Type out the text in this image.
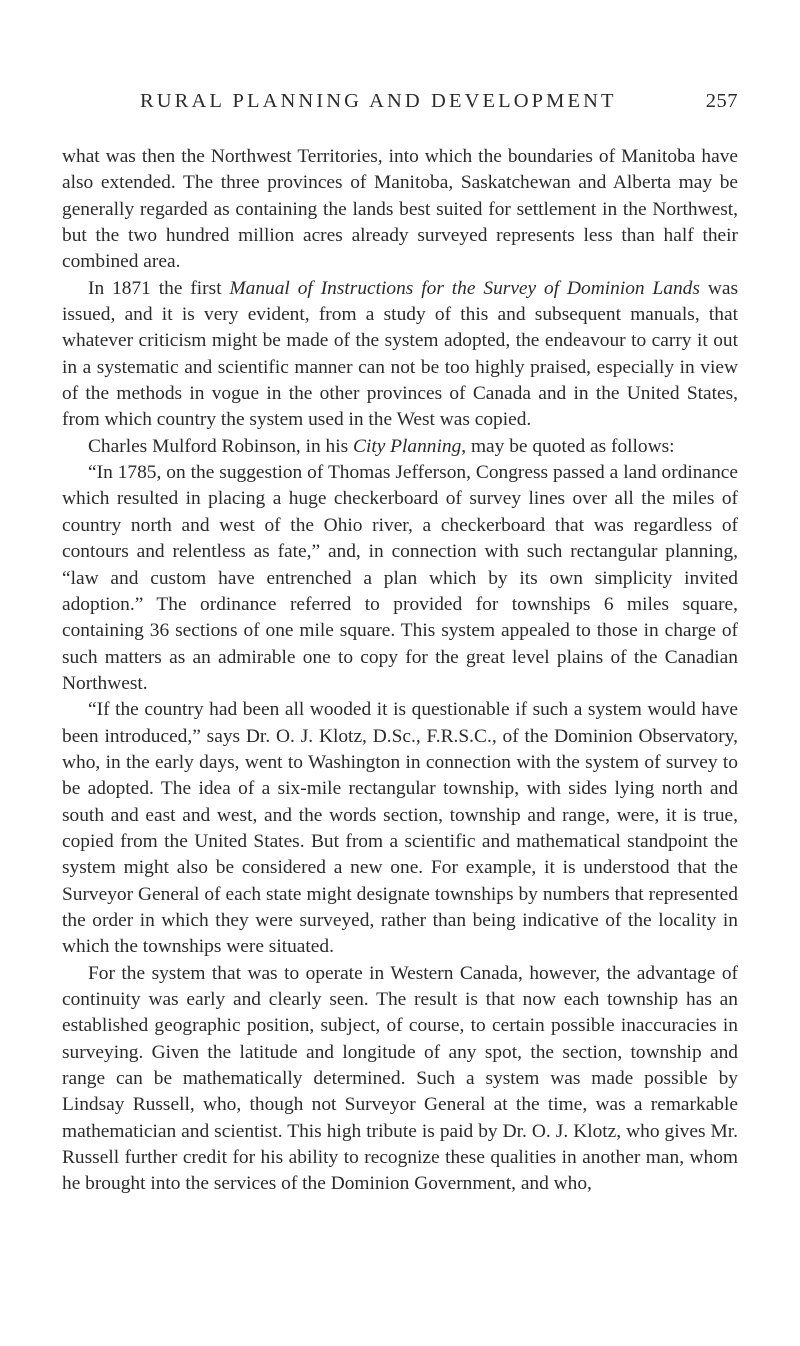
RURAL PLANNING AND DEVELOPMENT	257

what was then the Northwest Territories, into which the boundaries of Manitoba have also extended. The three provinces of Manitoba, Saskatchewan and Alberta may be generally regarded as containing the lands best suited for settlement in the Northwest, but the two hundred million acres already surveyed represents less than half their combined area.

In 1871 the first Manual of Instructions for the Survey of Dominion Lands was issued, and it is very evident, from a study of this and subsequent manuals, that whatever criticism might be made of the system adopted, the endeavour to carry it out in a systematic and scientific manner can not be too highly praised, especially in view of the methods in vogue in the other provinces of Canada and in the United States, from which country the system used in the West was copied.

Charles Mulford Robinson, in his City Planning, may be quoted as follows:

“In 1785, on the suggestion of Thomas Jefferson, Congress passed a land ordinance which resulted in placing a huge checkerboard of survey lines over all the miles of country north and west of the Ohio river, a checkerboard that was regardless of contours and relentless as fate,” and, in connection with such rectangular planning, “law and custom have entrenched a plan which by its own simplicity invited adoption.” The ordinance referred to provided for townships 6 miles square, containing 36 sections of one mile square. This system appealed to those in charge of such matters as an admirable one to copy for the great level plains of the Canadian Northwest.

“If the country had been all wooded it is questionable if such a system would have been introduced,” says Dr. O. J. Klotz, D.Sc., F.R.S.C., of the Dominion Observatory, who, in the early days, went to Washington in connection with the system of survey to be adopted. The idea of a six-mile rectangular township, with sides lying north and south and east and west, and the words section, township and range, were, it is true, copied from the United States. But from a scientific and mathematical standpoint the system might also be considered a new one. For example, it is understood that the Surveyor General of each state might designate townships by numbers that represented the order in which they were surveyed, rather than being indicative of the locality in which the townships were situated.

For the system that was to operate in Western Canada, however, the advantage of continuity was early and clearly seen. The result is that now each township has an established geographic position, subject, of course, to certain possible inaccuracies in surveying. Given the latitude and longitude of any spot, the section, township and range can be mathematically determined. Such a system was made possible by Lindsay Russell, who, though not Surveyor General at the time, was a remarkable mathematician and scientist. This high tribute is paid by Dr. O. J. Klotz, who gives Mr. Russell further credit for his ability to recognize these qualities in another man, whom he brought into the services of the Dominion Government, and who,
